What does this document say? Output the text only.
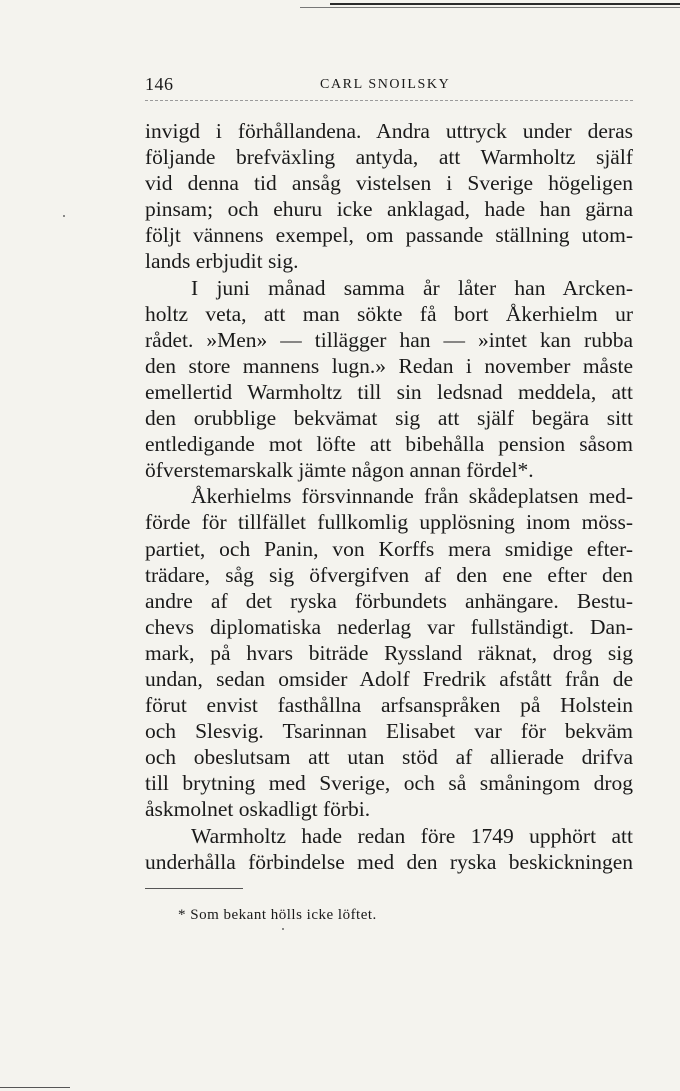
146	CARL SNOILSKY
invigd i förhållandena. Andra uttryck under deras
följande brefväxling antyda, att Warmholtz själf
vid denna tid ansåg vistelsen i Sverige högeligen
pinsam; och ehuru icke anklagad, hade han gärna
följt vännens exempel, om passande ställning utom-
lands erbjudit sig.
I juni månad samma år låter han Arcken-
holtz veta, att man sökte få bort Åkerhielm ur
rådet. »Men» — tillägger han — »intet kan rubba
den store mannens lugn.» Redan i november måste
emellertid Warmholtz till sin ledsnad meddela, att
den orubblige bekvämat sig att själf begära sitt
entledigande mot löfte att bibehålla pension såsom
öfverstemarskalk jämte någon annan fördel*.
Åkerhielms försvinnande från skådeplatsen med-
förde för tillfället fullkomlig upplösning inom möss-
partiet, och Panin, von Korffs mera smidige efter-
trädare, såg sig öfvergifven af den ene efter den
andre af det ryska förbundets anhängare. Bestu-
chevs diplomatiska nederlag var fullständigt. Dan-
mark, på hvars biträde Ryssland räknat, drog sig
undan, sedan omsider Adolf Fredrik afstått från de
förut envist fasthållna arfsanspråken på Holstein
och Slesvig. Tsarinnan Elisabet var för bekväm
och obeslutsam att utan stöd af allierade drifva
till brytning med Sverige, och så småningom drog
åskmolnet oskadligt förbi.
Warmholtz hade redan före 1749 upphört att
underhålla förbindelse med den ryska beskickningen
* Som bekant hölls icke löftet.
